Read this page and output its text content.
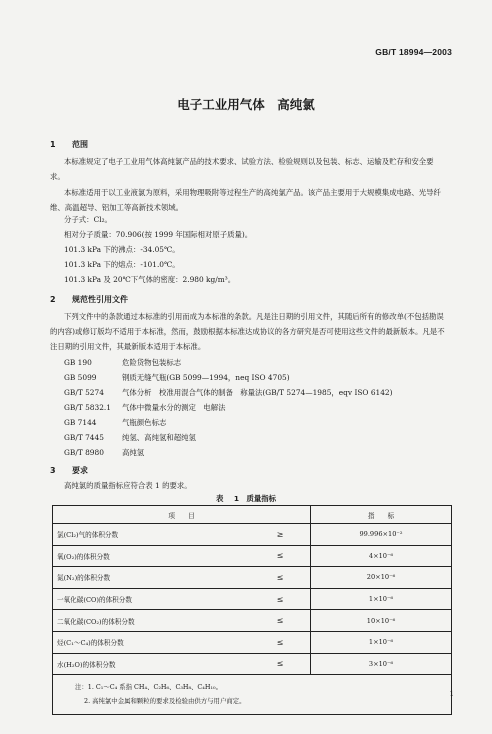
GB/T 18994—2003
电子工业用气体　高纯氯
1 范围
本标准规定了电子工业用气体高纯氯产品的技术要求、试验方法、检验规则以及包装、标志、运输及贮存和安全要求。
本标准适用于以工业液氯为原料，采用物理吸附等过程生产的高纯氯产品。该产品主要用于大规模集成电路、光导纤维、高温超导、铝加工等高新技术领域。
分子式：Cl₂。
相对分子质量：70.906(按 1999 年国际相对原子质量)。
101.3 kPa 下的沸点：-34.05℃。
101.3 kPa 下的熔点：-101.0℃。
101.3 kPa 及 20℃下气体的密度：2.980 kg/m³。
2 规范性引用文件
下列文件中的条款通过本标准的引用而成为本标准的条款。凡是注日期的引用文件，其随后所有的修改单(不包括勘误的内容)或修订版均不适用于本标准，然而，鼓励根据本标准达成协议的各方研究是否可使用这些文件的最新版本。凡是不注日期的引用文件，其最新版本适用于本标准。
GB 190	危险货物包装标志
GB 5099	钢质无缝气瓶(GB 5099—1994，neq ISO 4705)
GB/T 5274 气体分析　校准用混合气体的制备　称量法(GB/T 5274—1985，eqv ISO 6142)
GB/T 5832.1 气体中微量水分的测定　电解法
GB 7144	气瓶颜色标志
GB/T 7445 纯氢、高纯氢和超纯氢
GB/T 8980 高纯氢
3 要求
高纯氯的质量指标应符合表 1 的要求。
表 1　质量指标
项　　目		指　　标
氯(Cl₂)气的体积分数	≥	99.996×10⁻²
氧(O₂)的体积分数	≤	4×10⁻⁶
氮(N₂)的体积分数	≤	20×10⁻⁶
一氧化碳(CO)的体积分数	≤	1×10⁻⁶
二氧化碳(CO₂)的体积分数	≤	10×10⁻⁶
烃(C₁～C₄)的体积分数	≤	1×10⁻⁶
水(H₂O)的体积分数	≤	3×10⁻⁶

注：1. C₁～C₄ 系指 CH₄、C₂H₆、C₃H₈、C₄H₁₀。
2. 高纯氯中金属和颗粒的要求及检验由供方与用户商定。		
1
